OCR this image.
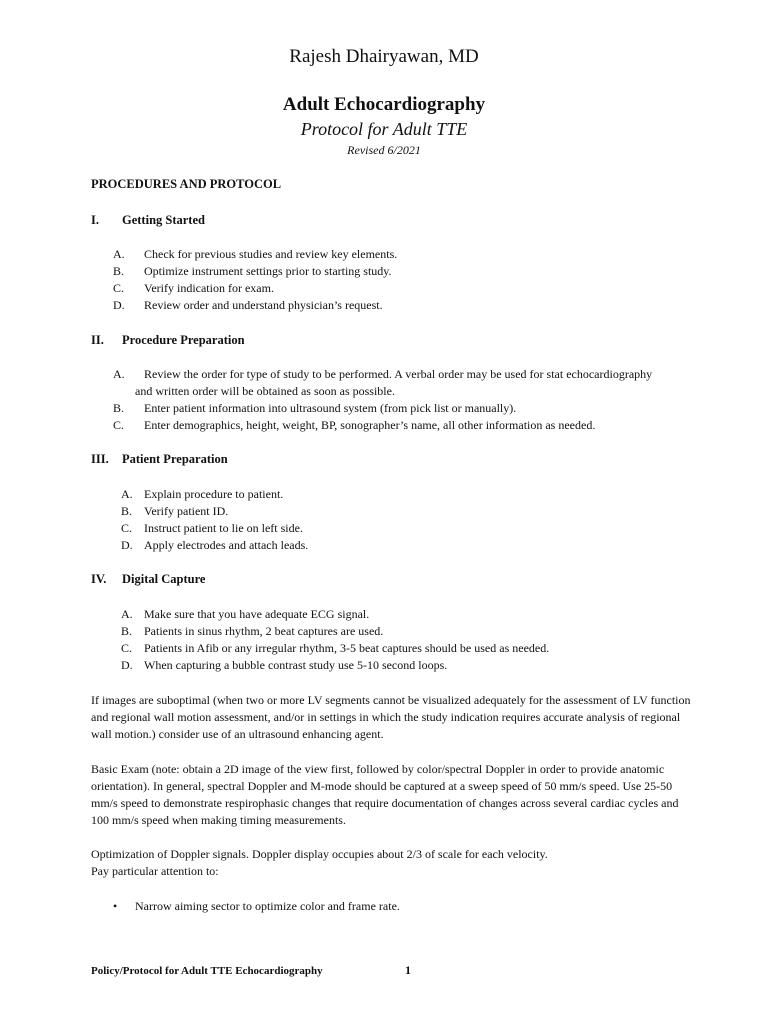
Rajesh Dhairyawan, MD
Adult Echocardiography
Protocol for Adult TTE
Revised 6/2021
PROCEDURES AND PROTOCOL
I. Getting Started
A. Check for previous studies and review key elements.
B. Optimize instrument settings prior to starting study.
C. Verify indication for exam.
D. Review order and understand physician’s request.
II. Procedure Preparation
A. Review the order for type of study to be performed. A verbal order may be used for stat echocardiography
and written order will be obtained as soon as possible.
B. Enter patient information into ultrasound system (from pick list or manually).
C. Enter demographics, height, weight, BP, sonographer’s name, all other information as needed.
III. Patient Preparation
A. Explain procedure to patient.
B. Verify patient ID.
C. Instruct patient to lie on left side.
D. Apply electrodes and attach leads.
IV. Digital Capture
A. Make sure that you have adequate ECG signal.
B. Patients in sinus rhythm, 2 beat captures are used.
C. Patients in Afib or any irregular rhythm, 3-5 beat captures should be used as needed.
D. When capturing a bubble contrast study use 5-10 second loops.
If images are suboptimal (when two or more LV segments cannot be visualized adequately for the assessment of LV function and regional wall motion assessment, and/or in settings in which the study indication requires accurate analysis of regional wall motion.) consider use of an ultrasound enhancing agent.
Basic Exam (note: obtain a 2D image of the view first, followed by color/spectral Doppler in order to provide anatomic orientation). In general, spectral Doppler and M-mode should be captured at a sweep speed of 50 mm/s speed. Use 25-50 mm/s speed to demonstrate respirophasic changes that require documentation of changes across several cardiac cycles and 100 mm/s speed when making timing measurements.
Optimization of Doppler signals. Doppler display occupies about 2/3 of scale for each velocity.
Pay particular attention to:
• Narrow aiming sector to optimize color and frame rate.
Policy/Protocol for Adult TTE Echocardiography	1
